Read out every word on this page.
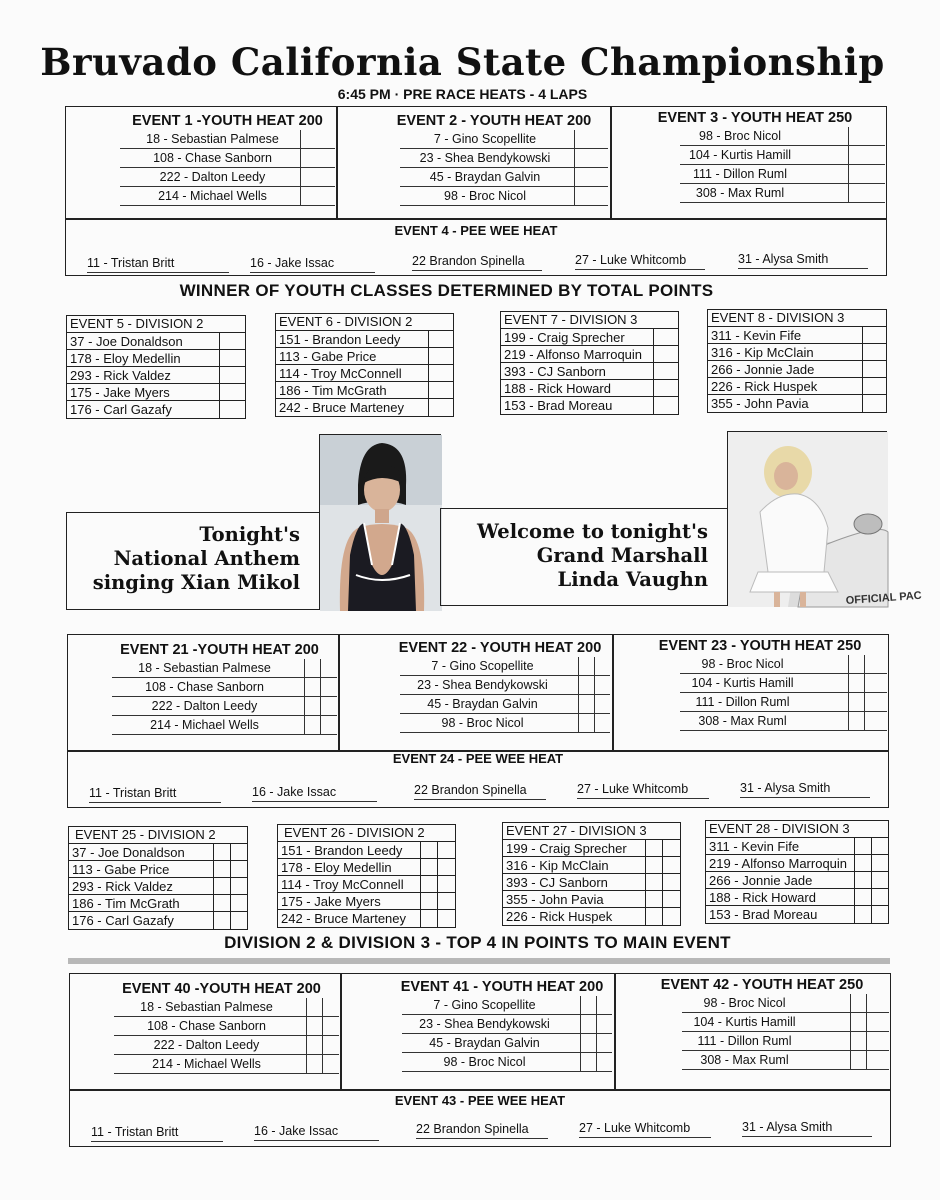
Bruvado California State Championship
6:45 PM · PRE RACE HEATS - 4 LAPS
EVENT 1 -YOUTH HEAT 200
18 - Sebastian Palmese
108 - Chase Sanborn
222 - Dalton Leedy
214 - Michael Wells
EVENT 2 - YOUTH HEAT 200
7 - Gino Scopellite
23 - Shea Bendykowski
45 - Braydan Galvin
98 - Broc Nicol
EVENT 3 - YOUTH HEAT 250
98 - Broc Nicol
104 - Kurtis Hamill
111 - Dillon Ruml
308 - Max Ruml
EVENT 4 - PEE WEE HEAT
11 - Tristan Britt	16 - Jake Issac	22 Brandon Spinella	27 - Luke Whitcomb	31 - Alysa Smith
WINNER OF YOUTH CLASSES DETERMINED BY TOTAL POINTS
EVENT 5 - DIVISION 2
37 - Joe Donaldson
178 - Eloy Medellin
293 - Rick Valdez
175 - Jake Myers
176 - Carl Gazafy
EVENT 6 - DIVISION 2
151 - Brandon Leedy
113 - Gabe Price
114 - Troy McConnell
186 - Tim McGrath
242 - Bruce Marteney
EVENT 7 - DIVISION 3
199 - Craig Sprecher
219 - Alfonso Marroquin
393 - CJ Sanborn
188 - Rick Howard
153 - Brad Moreau
EVENT 8 - DIVISION 3
311 - Kevin Fife
316 - Kip McClain
266 - Jonnie Jade
226 - Rick Huspek
355 - John Pavia
Tonight's
National Anthem
singing Xian Mikol
Welcome to tonight's
Grand Marshall
Linda Vaughn
OFFICIAL PAC
EVENT 21 -YOUTH HEAT 200
18 - Sebastian Palmese
108 - Chase Sanborn
222 - Dalton Leedy
214 - Michael Wells
EVENT 22 - YOUTH HEAT 200
7 - Gino Scopellite
23 - Shea Bendykowski
45 - Braydan Galvin
98 - Broc Nicol
EVENT 23 - YOUTH HEAT 250
98 - Broc Nicol
104 - Kurtis Hamill
111 - Dillon Ruml
308 - Max Ruml
EVENT 24 - PEE WEE HEAT
11 - Tristan Britt	16 - Jake Issac	22 Brandon Spinella	27 - Luke Whitcomb	31 - Alysa Smith
EVENT 25 - DIVISION 2
37 - Joe Donaldson
113 - Gabe Price
293 - Rick Valdez
186 - Tim McGrath
176 - Carl Gazafy
EVENT 26 - DIVISION 2
151 - Brandon Leedy
178 - Eloy Medellin
114 - Troy McConnell
175 - Jake Myers
242 - Bruce Marteney
EVENT 27 - DIVISION 3
199 - Craig Sprecher
316 - Kip McClain
393 - CJ Sanborn
355 - John Pavia
226 - Rick Huspek
EVENT 28 - DIVISION 3
311 - Kevin Fife
219 - Alfonso Marroquin
266 - Jonnie Jade
188 - Rick Howard
153 - Brad Moreau
DIVISION 2 & DIVISION 3 - TOP 4 IN POINTS TO MAIN EVENT
EVENT 40 -YOUTH HEAT 200
18 - Sebastian Palmese
108 - Chase Sanborn
222 - Dalton Leedy
214 - Michael Wells
EVENT 41 - YOUTH HEAT 200
7 - Gino Scopellite
23 - Shea Bendykowski
45 - Braydan Galvin
98 - Broc Nicol
EVENT 42 - YOUTH HEAT 250
98 - Broc Nicol
104 - Kurtis Hamill
111 - Dillon Ruml
308 - Max Ruml
EVENT 43 - PEE WEE HEAT
11 - Tristan Britt	16 - Jake Issac	22 Brandon Spinella	27 - Luke Whitcomb	31 - Alysa Smith
